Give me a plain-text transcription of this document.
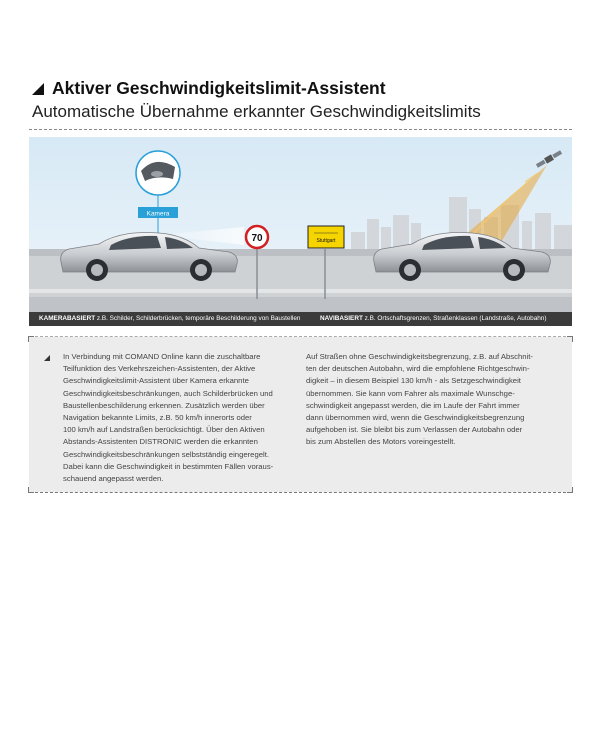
Aktiver Geschwindigkeitslimit-Assistent
Automatische Übernahme erkannter Geschwindigkeitslimits
Kamera
70	Stuttgart
KAMERABASIERT z.B. Schilder, Schilderbrücken, temporäre Beschilderung von Baustellen	NAVIBASIERT z.B. Ortschaftsgrenzen, Straßenklassen (Landstraße, Autobahn)
In Verbindung mit COMAND Online kann die zuschaltbare
Teilfunktion des Verkehrszeichen-Assistenten, der Aktive
Geschwindigkeitslimit-Assistent über Kamera erkannte
Geschwindigkeitsbeschränkungen, auch Schilderbrücken und
Baustellenbeschilderung erkennen. Zusätzlich werden über
Navigation bekannte Limits, z.B. 50 km/h innerorts oder
100 km/h auf Landstraßen berücksichtigt. Über den Aktiven
Abstands-Assistenten DISTRONIC werden die erkannten
Geschwindigkeitsbeschränkungen selbstständig eingeregelt.
Dabei kann die Geschwindigkeit in bestimmten Fällen voraus-
schauend angepasst werden.
Auf Straßen ohne Geschwindigkeitsbegrenzung, z.B. auf Abschnit-
ten der deutschen Autobahn, wird die empfohlene Richtgeschwin-
digkeit – in diesem Beispiel 130 km/h - als Setzgeschwindigkeit
übernommen. Sie kann vom Fahrer als maximale Wunschge-
schwindigkeit angepasst werden, die im Laufe der Fahrt immer
dann übernommen wird, wenn die Geschwindigkeitsbegrenzung
aufgehoben ist. Sie bleibt bis zum Verlassen der Autobahn oder
bis zum Abstellen des Motors voreingestellt.
